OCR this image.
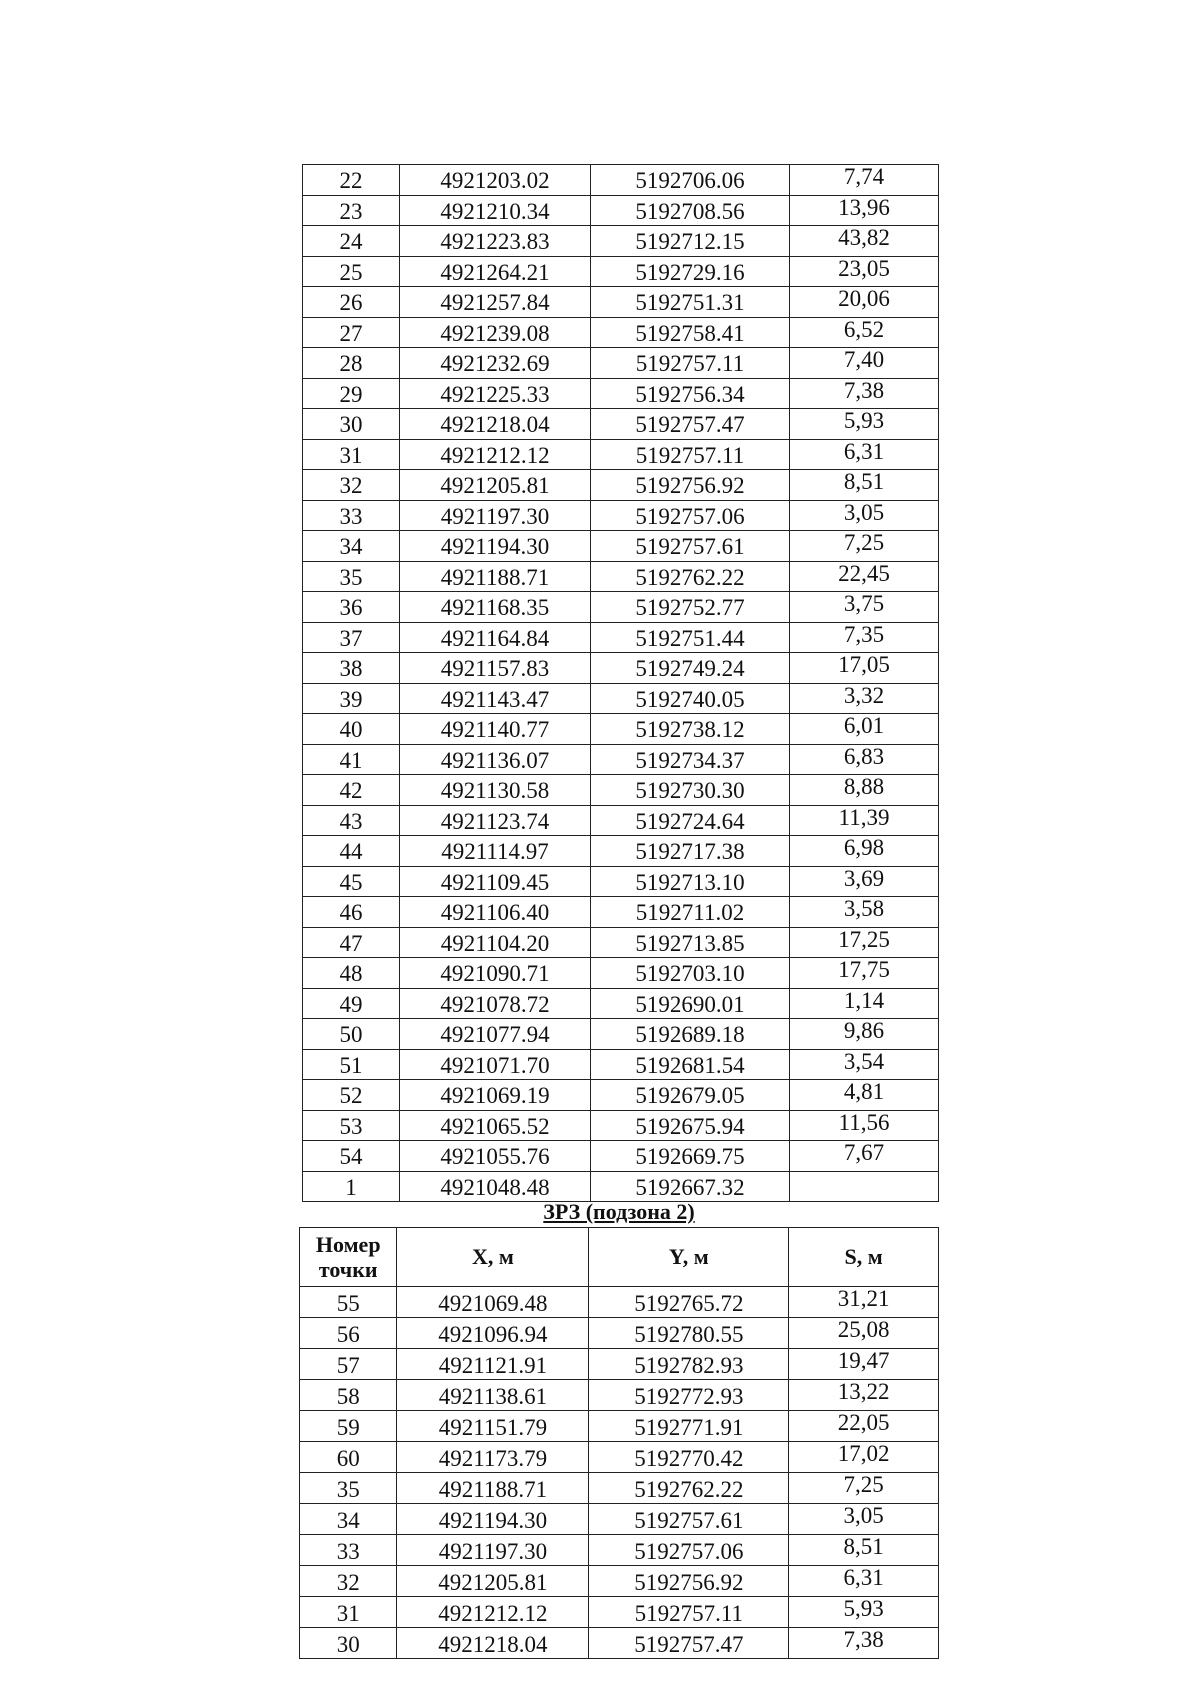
22	4921203.02	5192706.06	7,74
23	4921210.34	5192708.56	13,96
24	4921223.83	5192712.15	43,82
25	4921264.21	5192729.16	23,05
26	4921257.84	5192751.31	20,06
27	4921239.08	5192758.41	6,52
28	4921232.69	5192757.11	7,40
29	4921225.33	5192756.34	7,38
30	4921218.04	5192757.47	5,93
31	4921212.12	5192757.11	6,31
32	4921205.81	5192756.92	8,51
33	4921197.30	5192757.06	3,05
34	4921194.30	5192757.61	7,25
35	4921188.71	5192762.22	22,45
36	4921168.35	5192752.77	3,75
37	4921164.84	5192751.44	7,35
38	4921157.83	5192749.24	17,05
39	4921143.47	5192740.05	3,32
40	4921140.77	5192738.12	6,01
41	4921136.07	5192734.37	6,83
42	4921130.58	5192730.30	8,88
43	4921123.74	5192724.64	11,39
44	4921114.97	5192717.38	6,98
45	4921109.45	5192713.10	3,69
46	4921106.40	5192711.02	3,58
47	4921104.20	5192713.85	17,25
48	4921090.71	5192703.10	17,75
49	4921078.72	5192690.01	1,14
50	4921077.94	5192689.18	9,86
51	4921071.70	5192681.54	3,54
52	4921069.19	5192679.05	4,81
53	4921065.52	5192675.94	11,56
54	4921055.76	5192669.75	7,67
1	4921048.48	5192667.32	
ЗРЗ (подзона 2)
Номер точки	X, м	Y, м	S, м
55	4921069.48	5192765.72	31,21
56	4921096.94	5192780.55	25,08
57	4921121.91	5192782.93	19,47
58	4921138.61	5192772.93	13,22
59	4921151.79	5192771.91	22,05
60	4921173.79	5192770.42	17,02
35	4921188.71	5192762.22	7,25
34	4921194.30	5192757.61	3,05
33	4921197.30	5192757.06	8,51
32	4921205.81	5192756.92	6,31
31	4921212.12	5192757.11	5,93
30	4921218.04	5192757.47	7,38
